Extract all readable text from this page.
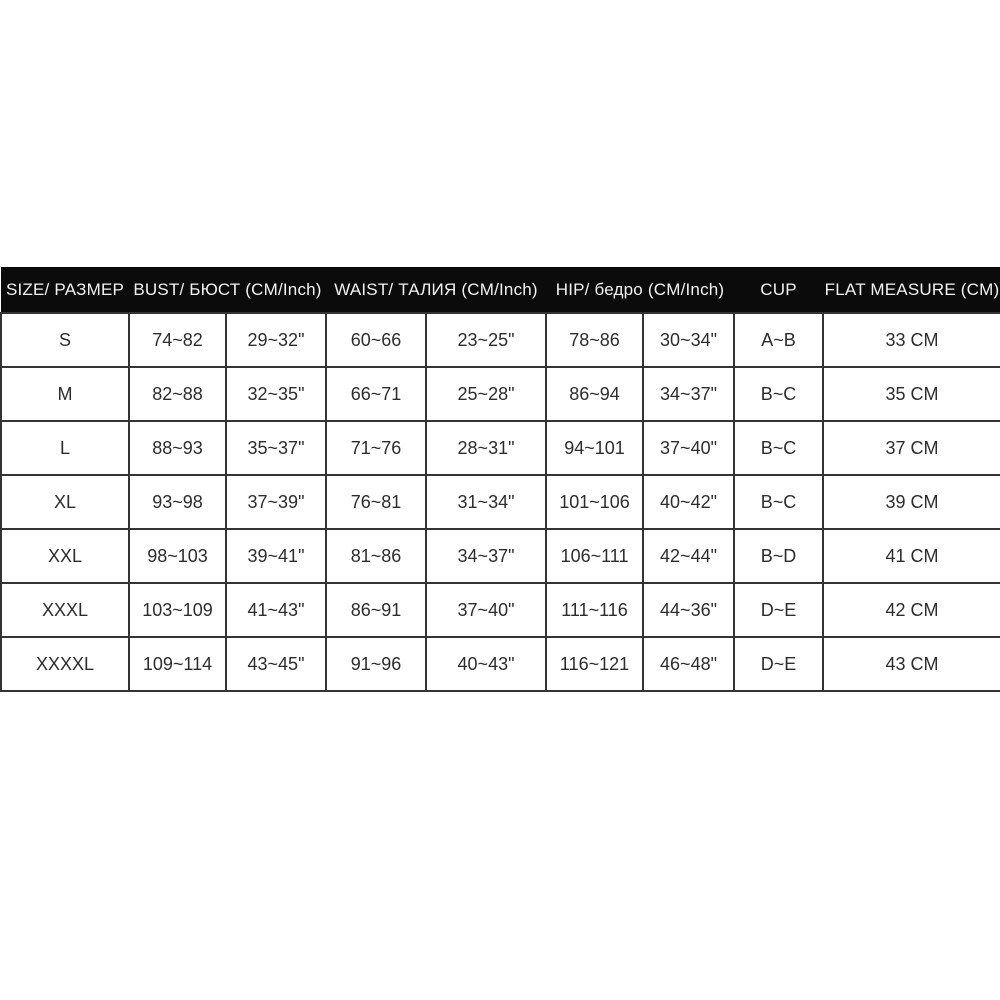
SIZE/ РАЗМЕР	BUST/ БЮСТ (CM/Inch)		WAIST/ ТАЛИЯ (CM/Inch)		HIP/ бедро (CM/Inch)		CUP	FLAT MEASURE (CM)
S	74~82	29~32"	60~66	23~25"	78~86	30~34"	A~B	33 CM
M	82~88	32~35"	66~71	25~28"	86~94	34~37"	B~C	35 CM
L	88~93	35~37"	71~76	28~31"	94~101	37~40"	B~C	37 CM
XL	93~98	37~39"	76~81	31~34"	101~106	40~42"	B~C	39 CM
XXL	98~103	39~41"	81~86	34~37"	106~111	42~44"	B~D	41 CM
XXXL	103~109	41~43"	86~91	37~40"	111~116	44~36"	D~E	42 CM
XXXXL	109~114	43~45"	91~96	40~43"	116~121	46~48"	D~E	43 CM
